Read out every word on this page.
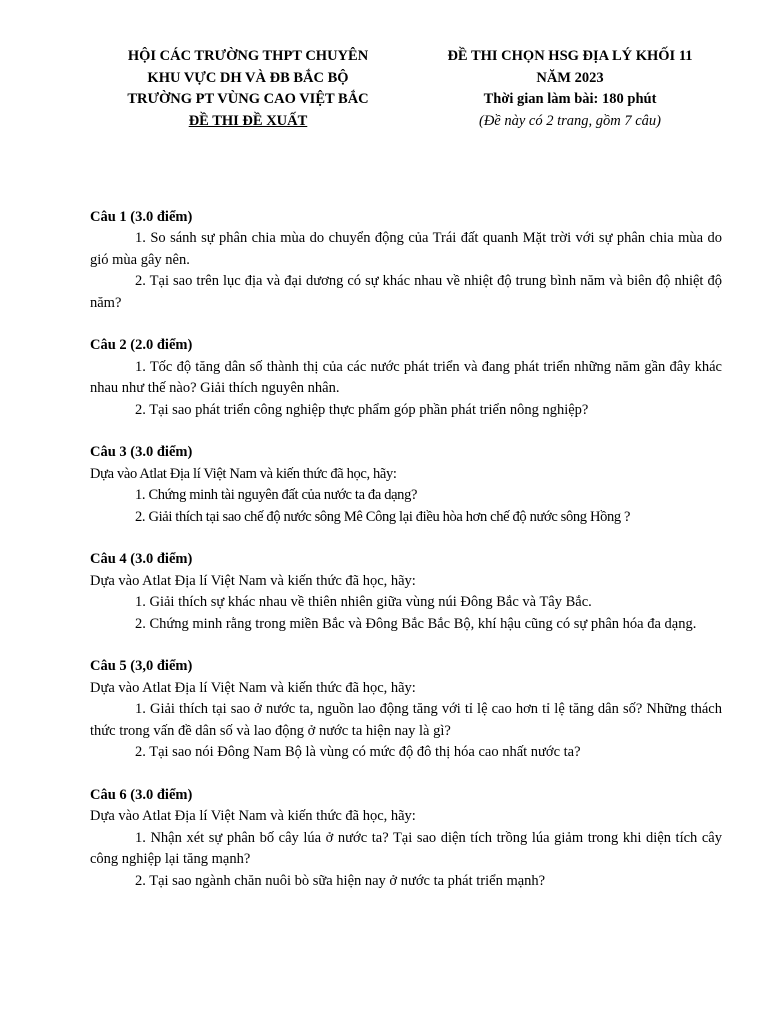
HỘI CÁC TRƯỜNG THPT CHUYÊN
KHU VỰC DH VÀ ĐB BẮC BỘ
TRƯỜNG PT VÙNG CAO VIỆT BẮC
ĐỀ THI ĐỀ XUẤT
ĐỀ THI CHỌN HSG ĐỊA LÝ KHỐI 11
NĂM 2023
Thời gian làm bài: 180 phút
(Đề này có 2 trang, gồm 7 câu)
Câu 1 (3.0 điểm)
1. So sánh sự phân chia mùa do chuyển động của Trái đất quanh Mặt trời với sự phân chia mùa do gió mùa gây nên.
2. Tại sao trên lục địa và đại dương có sự khác nhau về nhiệt độ trung bình năm và biên độ nhiệt độ năm?
Câu 2 (2.0 điểm)
1. Tốc độ tăng dân số thành thị của các nước phát triển và đang phát triển những năm gần đây khác nhau như thế nào? Giải thích nguyên nhân.
2. Tại sao phát triển công nghiệp thực phẩm góp phần phát triển nông nghiệp?
Câu 3 (3.0 điểm)
Dựa vào Atlat Địa lí Việt Nam và kiến thức đã học, hãy:
1. Chứng minh tài nguyên đất của nước ta đa dạng?
2. Giải thích tại sao chế độ nước sông Mê Công lại điều hòa hơn chế độ nước sông Hồng ?
Câu 4 (3.0 điểm)
Dựa vào Atlat Địa lí Việt Nam và kiến thức đã học, hãy:
1. Giải thích sự khác nhau về thiên nhiên giữa vùng núi Đông Bắc và Tây Bắc.
2. Chứng minh rằng trong miền Bắc và Đông Bắc Bắc Bộ, khí hậu cũng có sự phân hóa đa dạng.
Câu 5 (3,0 điểm)
Dựa vào Atlat Địa lí Việt Nam và kiến thức đã học, hãy:
1. Giải thích tại sao ở nước ta, nguồn lao động tăng với tỉ lệ cao hơn tỉ lệ tăng dân số? Những thách thức trong vấn đề dân số và lao động ở nước ta hiện nay là gì?
2. Tại sao nói Đông Nam Bộ là vùng có mức độ đô thị hóa cao nhất nước ta?
Câu 6 (3.0 điểm)
Dựa vào Atlat Địa lí Việt Nam và kiến thức đã học, hãy:
1. Nhận xét sự phân bố cây lúa ở nước ta? Tại sao diện tích trồng lúa giảm trong khi diện tích cây công nghiệp lại tăng mạnh?
2. Tại sao ngành chăn nuôi bò sữa hiện nay ở nước ta phát triển mạnh?
